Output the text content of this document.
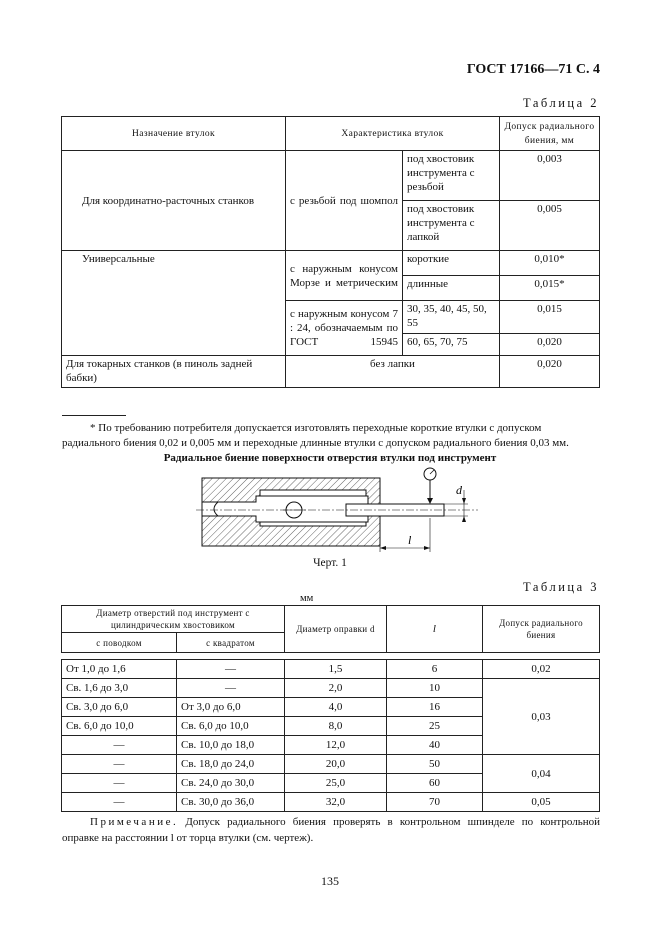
ГОСТ 17166—71 С. 4
Таблица 2
Назначение втулок	Характеристика втулок		Допуск радиального биения, мм
Для координатно-расточных станков	с резьбой под шомпол	под хвостовик инструмента с резьбой	0,003
		под хвостовик инструмента с лапкой	0,005
Универсальные	с наружным конусом Морзе и метрическим	короткие	0,010*
		длинные	0,015*
	с наружным конусом 7 : 24, обозначаемым по ГОСТ 15945	30, 35, 40, 45, 50, 55	0,015
		60, 65, 70, 75	0,020
Для токарных станков (в пиноль задней бабки)	без лапки		0,020
* По требованию потребителя допускается изготовлять переходные короткие втулки с допуском радиального биения 0,02 и 0,005 мм и переходные длинные втулки с допуском радиального биения 0,03 мм.
Радиальное биение поверхности отверстия втулки под инструмент
l
d
Черт. 1
Таблица 3
мм
Диаметр отверстий под инструмент с цилиндрическим хвостовиком		Диаметр оправки d	l	Допуск радиального биения
с поводком	с квадратом			

От 1,0 до 1,6	—	1,5	6	0,02
Св. 1,6 до 3,0	—	2,0	10	0,03
Св. 3,0 до 6,0	От 3,0 до 6,0	4,0	16	
Св. 6,0 до 10,0	Св. 6,0 до 10,0	8,0	25	
—	Св. 10,0 до 18,0	12,0	40	
—	Св. 18,0 до 24,0	20,0	50	0,04
—	Св. 24,0 до 30,0	25,0	60	
—	Св. 30,0 до 36,0	32,0	70	0,05
Примечание. Допуск радиального биения проверять в контрольном шпинделе по контрольной оправке на расстоянии l от торца втулки (см. чертеж).
135
